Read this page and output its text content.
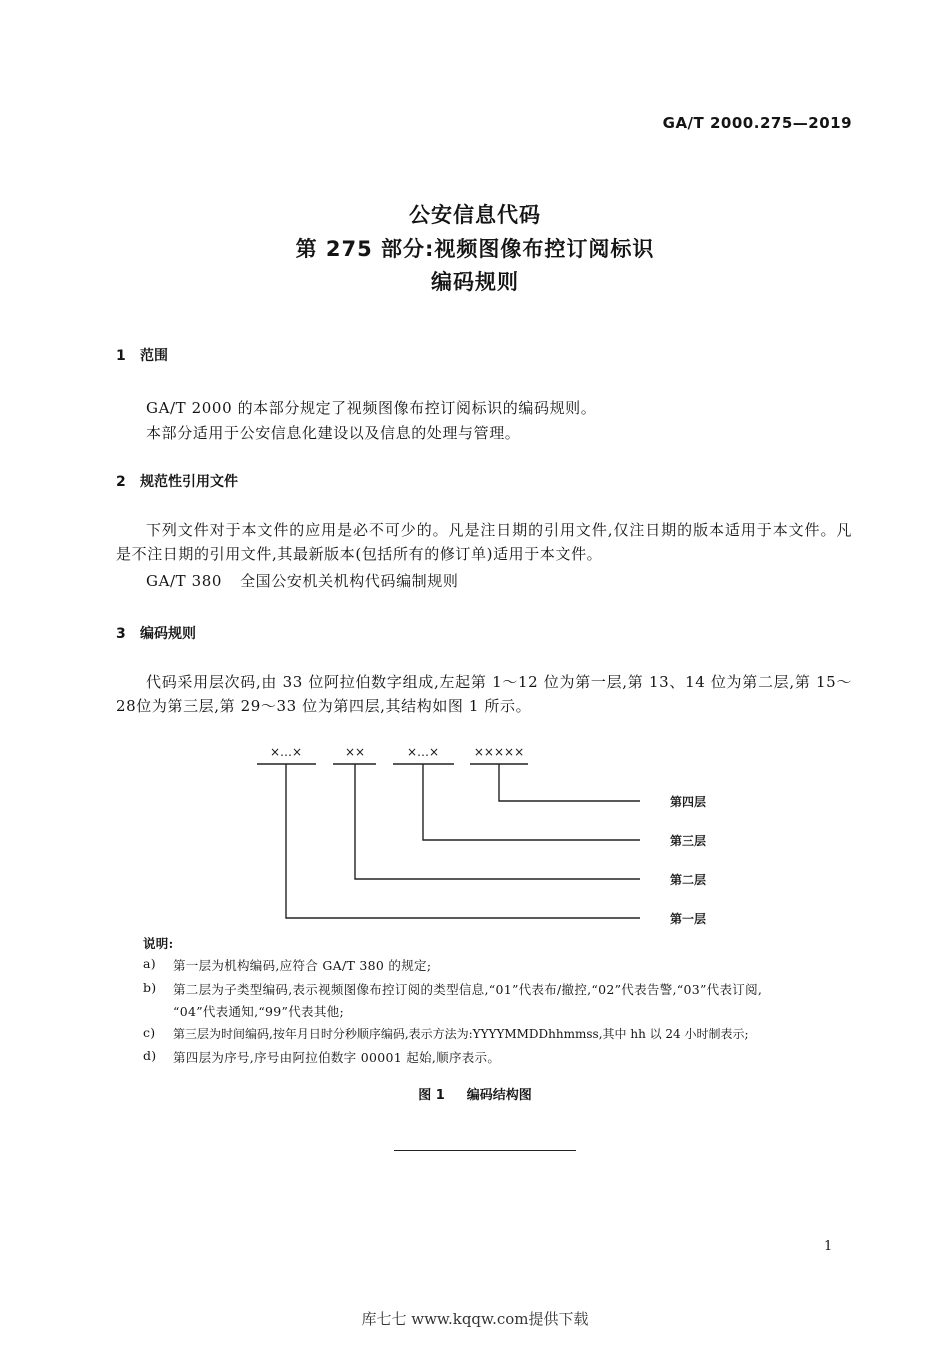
GA/T 2000.275—2019
公安信息代码
第 275 部分:视频图像布控订阅标识
编码规则
1 范围
GA/T 2000 的本部分规定了视频图像布控订阅标识的编码规则。
本部分适用于公安信息化建设以及信息的处理与管理。
2 规范性引用文件
下列文件对于本文件的应用是必不可少的。凡是注日期的引用文件,仅注日期的版本适用于本文件。凡是不注日期的引用文件,其最新版本(包括所有的修订单)适用于本文件。
GA/T 380 全国公安机关机构代码编制规则
3 编码规则
代码采用层次码,由 33 位阿拉伯数字组成,左起第 1～12 位为第一层,第 13、14 位为第二层,第 15～28位为第三层,第 29～33 位为第四层,其结构如图 1 所示。
×…×	××	×…×	×××××
第四层
第三层
第二层
第一层
说明:
a) 第一层为机构编码,应符合 GA/T 380 的规定;
b) 第二层为子类型编码,表示视频图像布控订阅的类型信息,“01”代表布/撤控,“02”代表告警,“03”代表订阅,
“04”代表通知,“99”代表其他;
c) 第三层为时间编码,按年月日时分秒顺序编码,表示方法为:YYYYMMDDhhmmss,其中 hh 以 24 小时制表示;
d) 第四层为序号,序号由阿拉伯数字 00001 起始,顺序表示。
图 1 编码结构图
1
库七七 www.kqqw.com提供下载
